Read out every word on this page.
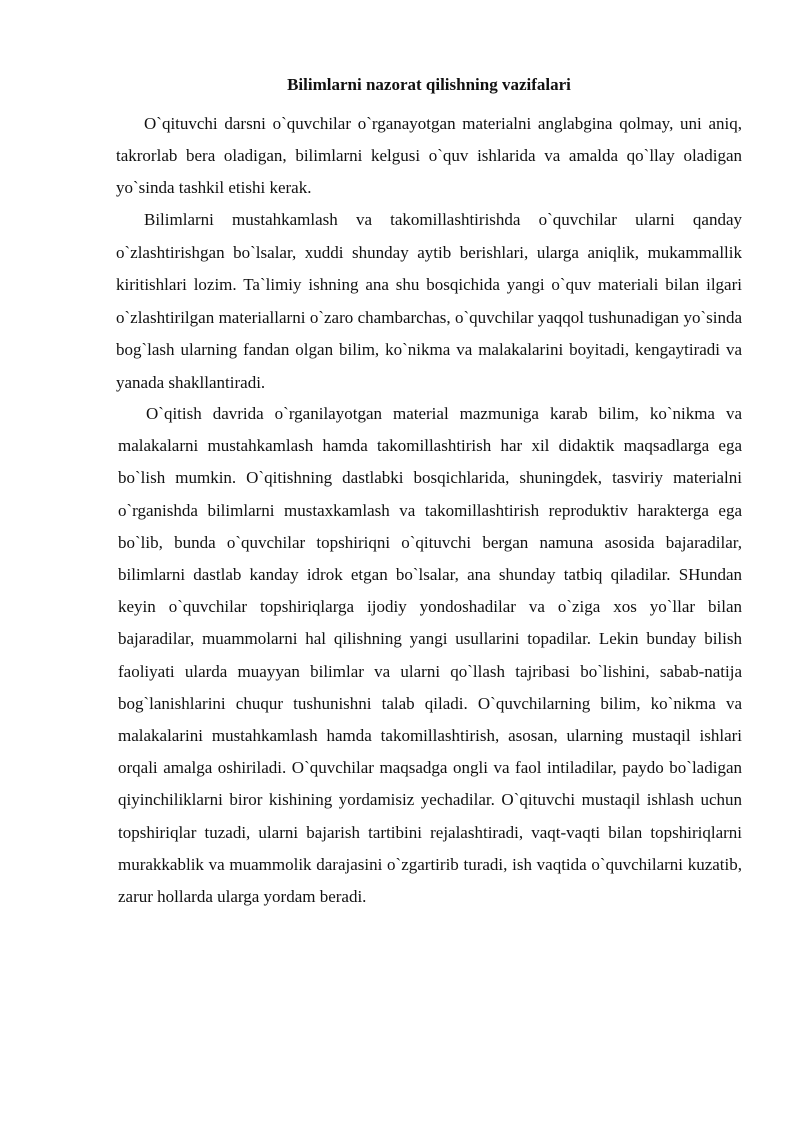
Bilimlarni nazorat qilishning vazifalari

O`qituvchi darsni o`quvchilar o`rganayotgan materialni anglabgina qolmay, uni aniq, takrorlab bera oladigan, bilimlarni kelgusi o`quv ishlarida va amalda qo`llay oladigan yo`sinda tashkil etishi kerak.

Bilimlarni mustahkamlash va takomillashtirishda o`quvchilar ularni qanday o`zlashtirishgan bo`lsalar, xuddi shunday aytib berishlari, ularga aniqlik, mukammallik kiritishlari lozim. Ta`limiy ishning ana shu bosqichida yangi o`quv materiali bilan ilgari o`zlashtirilgan materiallarni o`zaro chambarchas, o`quvchilar yaqqol tushunadigan yo`sinda bog`lash ularning fandan olgan bilim, ko`nikma va malakalarini boyitadi, kengaytiradi va yanada shakllantiradi.

O`qitish davrida o`rganilayotgan material mazmuniga karab bilim, ko`nikma va malakalarni mustahkamlash hamda takomillashtirish har xil didaktik maqsadlarga ega bo`lish mumkin. O`qitishning dastlabki bosqichlarida, shuningdek, tasviriy materialni o`rganishda bilimlarni mustaxkamlash va takomillashtirish reproduktiv harakterga ega bo`lib, bunda o`quvchilar topshiriqni o`qituvchi bergan namuna asosida bajaradilar, bilimlarni dastlab kanday idrok etgan bo`lsalar, ana shunday tatbiq qiladilar. SHundan keyin o`quvchilar topshiriqlarga ijodiy yondoshadilar va o`ziga xos yo`llar bilan bajaradilar, muammolarni hal qilishning yangi usullarini topadilar. Lekin bunday bilish faoliyati ularda muayyan bilimlar va ularni qo`llash tajribasi bo`lishini, sabab-natija bog`lanishlarini chuqur tushunishni talab qiladi. O`quvchilarning bilim, ko`nikma va malakalarini mustahkamlash hamda takomillashtirish, asosan, ularning mustaqil ishlari orqali amalga oshiriladi. O`quvchilar maqsadga ongli va faol intiladilar, paydo bo`ladigan qiyinchiliklarni biror kishining yordamisiz yechadilar. O`qituvchi mustaqil ishlash uchun topshiriqlar tuzadi, ularni bajarish tartibini rejalashtiradi, vaqt-vaqti bilan topshiriqlarni murakkablik va muammolik darajasini o`zgartirib turadi, ish vaqtida o`quvchilarni kuzatib, zarur hollarda ularga yordam beradi.
